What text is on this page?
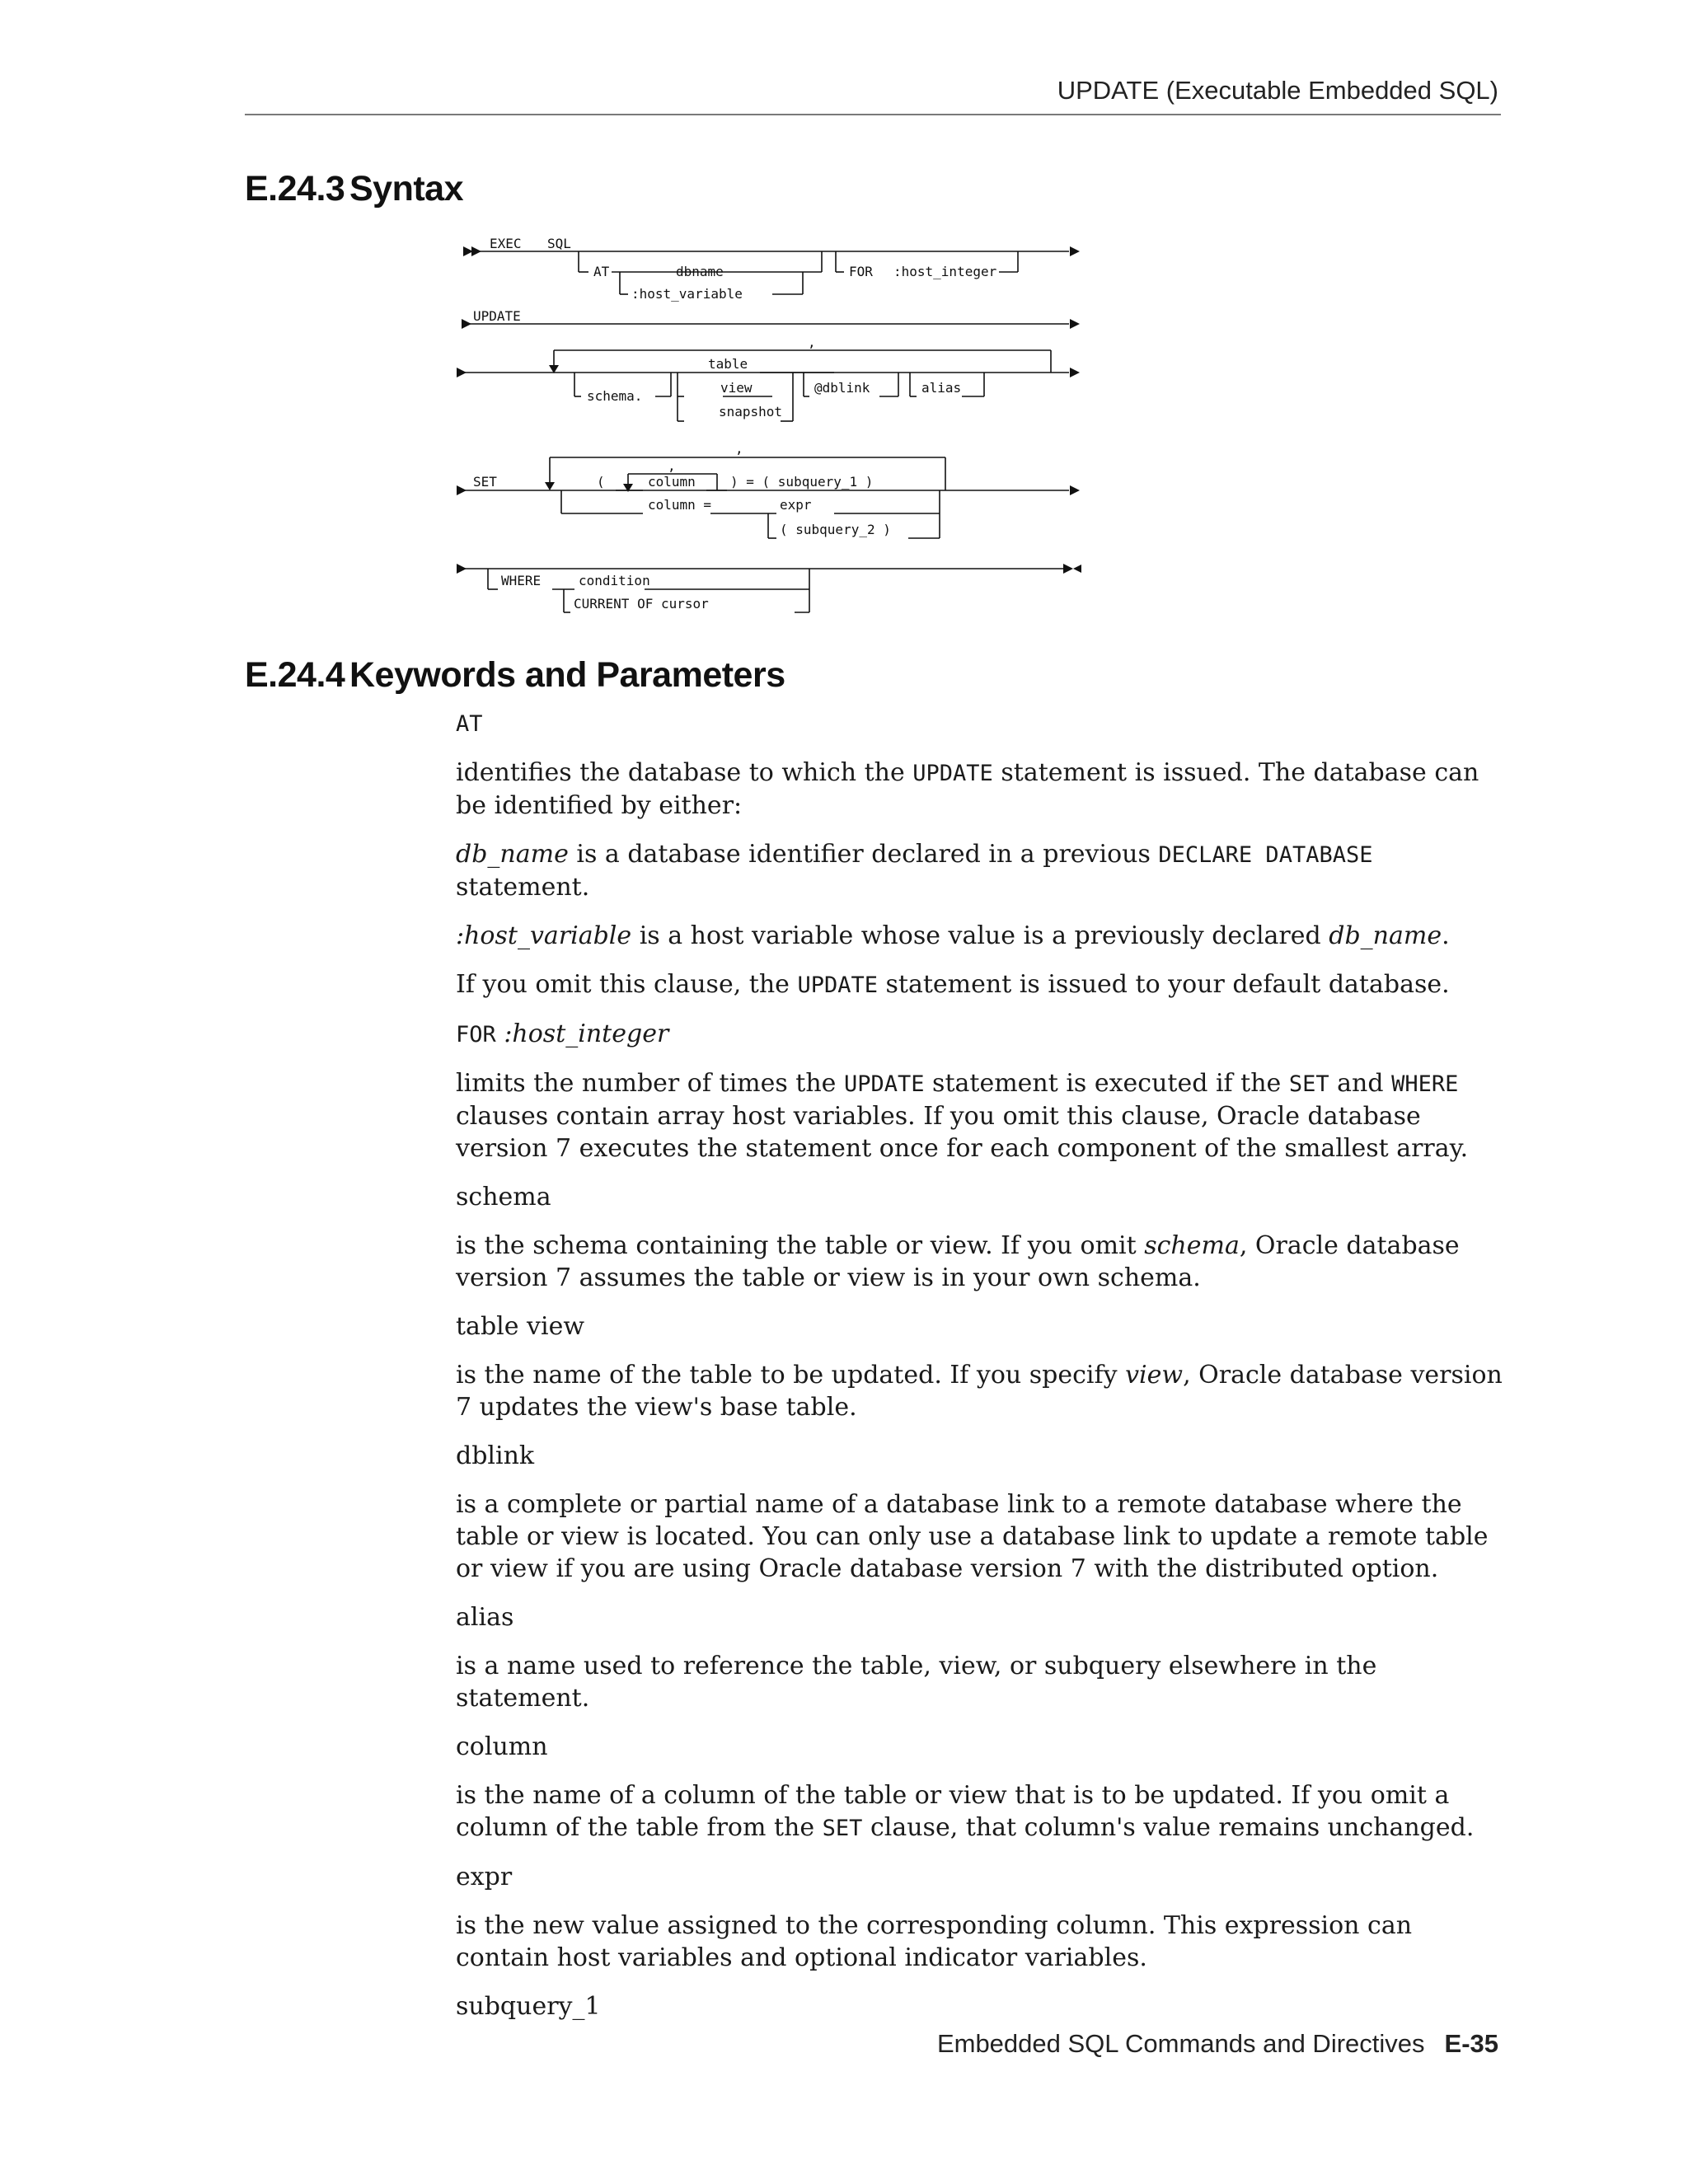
UPDATE (Executable Embedded SQL)
E.24.3 Syntax
EXEC SQL
AT	dbname
:host_variable
FOR :host_integer
UPDATE
,
table
schema.
view
snapshot
@dblink	alias
,
,
SET	(	column	) = ( subquery_1 )
column =	expr
( subquery_2 )
WHERE	condition
CURRENT OF cursor
E.24.4 Keywords and Parameters

AT

identifies the database to which the UPDATE statement is issued. The database can be identified by either:

db_name is a database identifier declared in a previous DECLARE DATABASE statement.

:host_variable is a host variable whose value is a previously declared db_name.

If you omit this clause, the UPDATE statement is issued to your default database.

FOR :host_integer

limits the number of times the UPDATE statement is executed if the SET and WHERE clauses contain array host variables. If you omit this clause, Oracle database version 7 executes the statement once for each component of the smallest array.

schema

is the schema containing the table or view. If you omit schema, Oracle database version 7 assumes the table or view is in your own schema.

table view

is the name of the table to be updated. If you specify view, Oracle database version 7 updates the view's base table.

dblink

is a complete or partial name of a database link to a remote database where the table or view is located. You can only use a database link to update a remote table or view if you are using Oracle database version 7 with the distributed option.

alias

is a name used to reference the table, view, or subquery elsewhere in the statement.

column

is the name of a column of the table or view that is to be updated. If you omit a column of the table from the SET clause, that column's value remains unchanged.

expr

is the new value assigned to the corresponding column. This expression can contain host variables and optional indicator variables.

subquery_1

Embedded SQL Commands and Directives E-35
